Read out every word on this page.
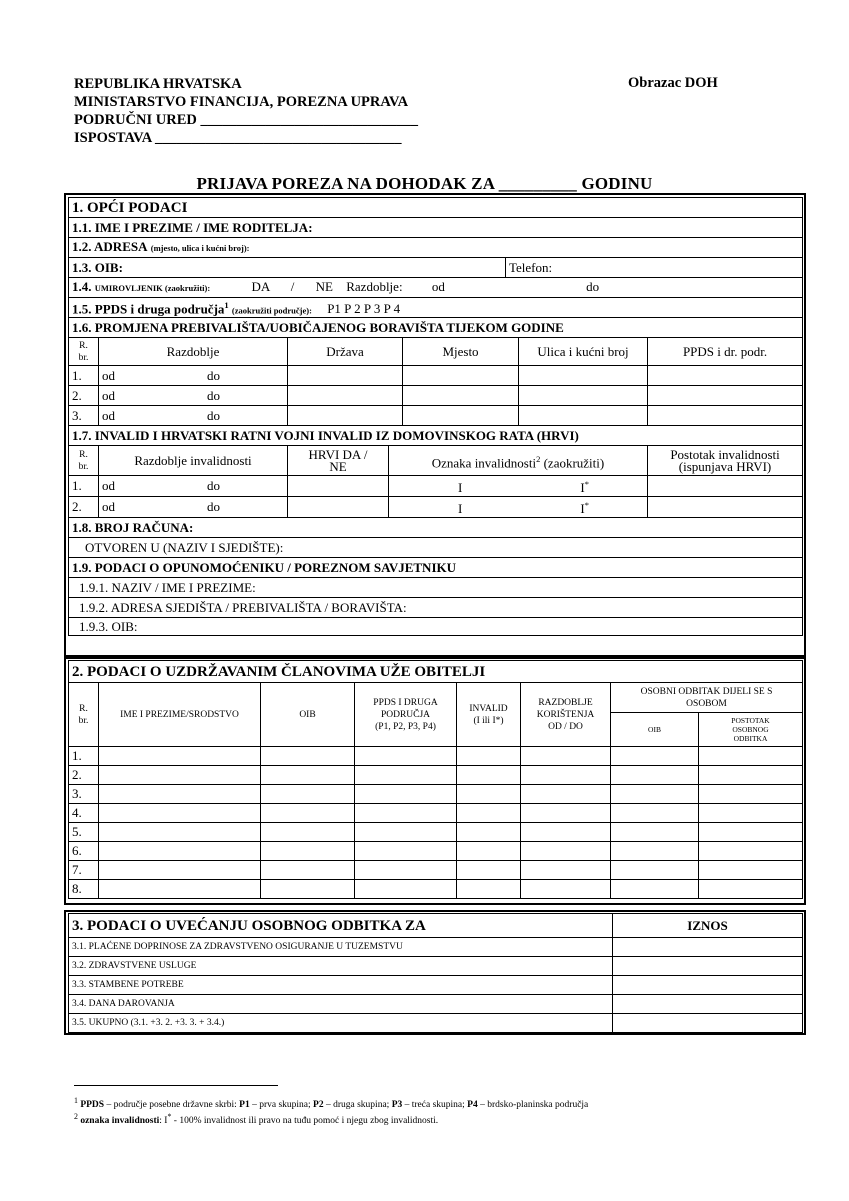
REPUBLIKA HRVATSKA
MINISTARSTVO FINANCIJA, POREZNA UPRAVA
PODRUČNI URED ______________________________
ISPOSTAVA __________________________________
Obrazac DOH
PRIJAVA POREZA NA DOHODAK ZA _________ GODINU
1. OPĆI PODACI							
1.1. IME I PREZIME / IME RODITELJA:							
1.2. ADRESA (mjesto, ulica i kućni broj):							
1.3. OIB:					Telefon:		
1.4. UMIROVLJENIK (zaokružiti): DA / NE Razdoblje: od do							
1.5. PPDS i druga područja$^1$ (zaokružiti područje): P1 P 2 P 3 P 4							
1.6. PROMJENA PREBIVALIŠTA/UOBIČAJENOG BORAVIŠTA TIJEKOM GODINE							
R.
br.	Razdoblje	Država		Mjesto		Ulica i kućni broj	PPDS i dr. podr.
1.	od do						
2.	od do						
3.	od do						
1.7. INVALID I HRVATSKI RATNI VOJNI INVALID IZ DOMOVINSKOG RATA (HRVI)							
R.
br.	Razdoblje invalidnosti	HRVI DA /
NE	Oznaka invalidnosti$^2$ (zaokružiti)				Postotak invalidnosti
(ispunjava HRVI)
1.	od do		I I*	
2.	od do		I I*	
1.8. BROJ RAČUNA:							
OTVOREN U (NAZIV I SJEDIŠTE):							
1.9. PODACI O OPUNOMOĆENIKU / POREZNOM SAVJETNIKU							
1.9.1. NAZIV / IME I PREZIME:							
1.9.2. ADRESA SJEDIŠTA / PREBIVALIŠTA / BORAVIŠTA:							
1.9.3. OIB:							
2. PODACI O UZDRŽAVANIM ČLANOVIMA UŽE OBITELJI							
R.
br.	IME I PREZIME/SRODSTVO	OIB	PPDS I DRUGA
PODRUČJA
(P1, P2, P3, P4)	INVALID
(I ili I*)	RAZDOBLJE
KORIŠTENJA
OD / DO	OSOBNI ODBITAK DIJELI SE S
OSOBOM	
						OIB	POSTOTAK
OSOBNOG
ODBITKA
1.							
2.							
3.							
4.							
5.							
6.							
7.							
8.							
3. PODACI O UVEĆANJU OSOBNOG ODBITKA ZA	IZNOS
3.1. PLAĆENE DOPRINOSE ZA ZDRAVSTVENO OSIGURANJE U TUZEMSTVU	
3.2. ZDRAVSTVENE USLUGE	
3.3. STAMBENE POTREBE	
3.4. DANA DAROVANJA	
3.5. UKUPNO (3.1. +3. 2. +3. 3. + 3.4.)	
$^1$ PPDS – područje posebne državne skrbi: P1 – prva skupina; P2 – druga skupina; P3 – treća skupina; P4 – brdsko-planinska područja
$^2$ oznaka invalidnosti: I* - 100% invalidnost ili pravo na tuđu pomoć i njegu zbog invalidnosti.
